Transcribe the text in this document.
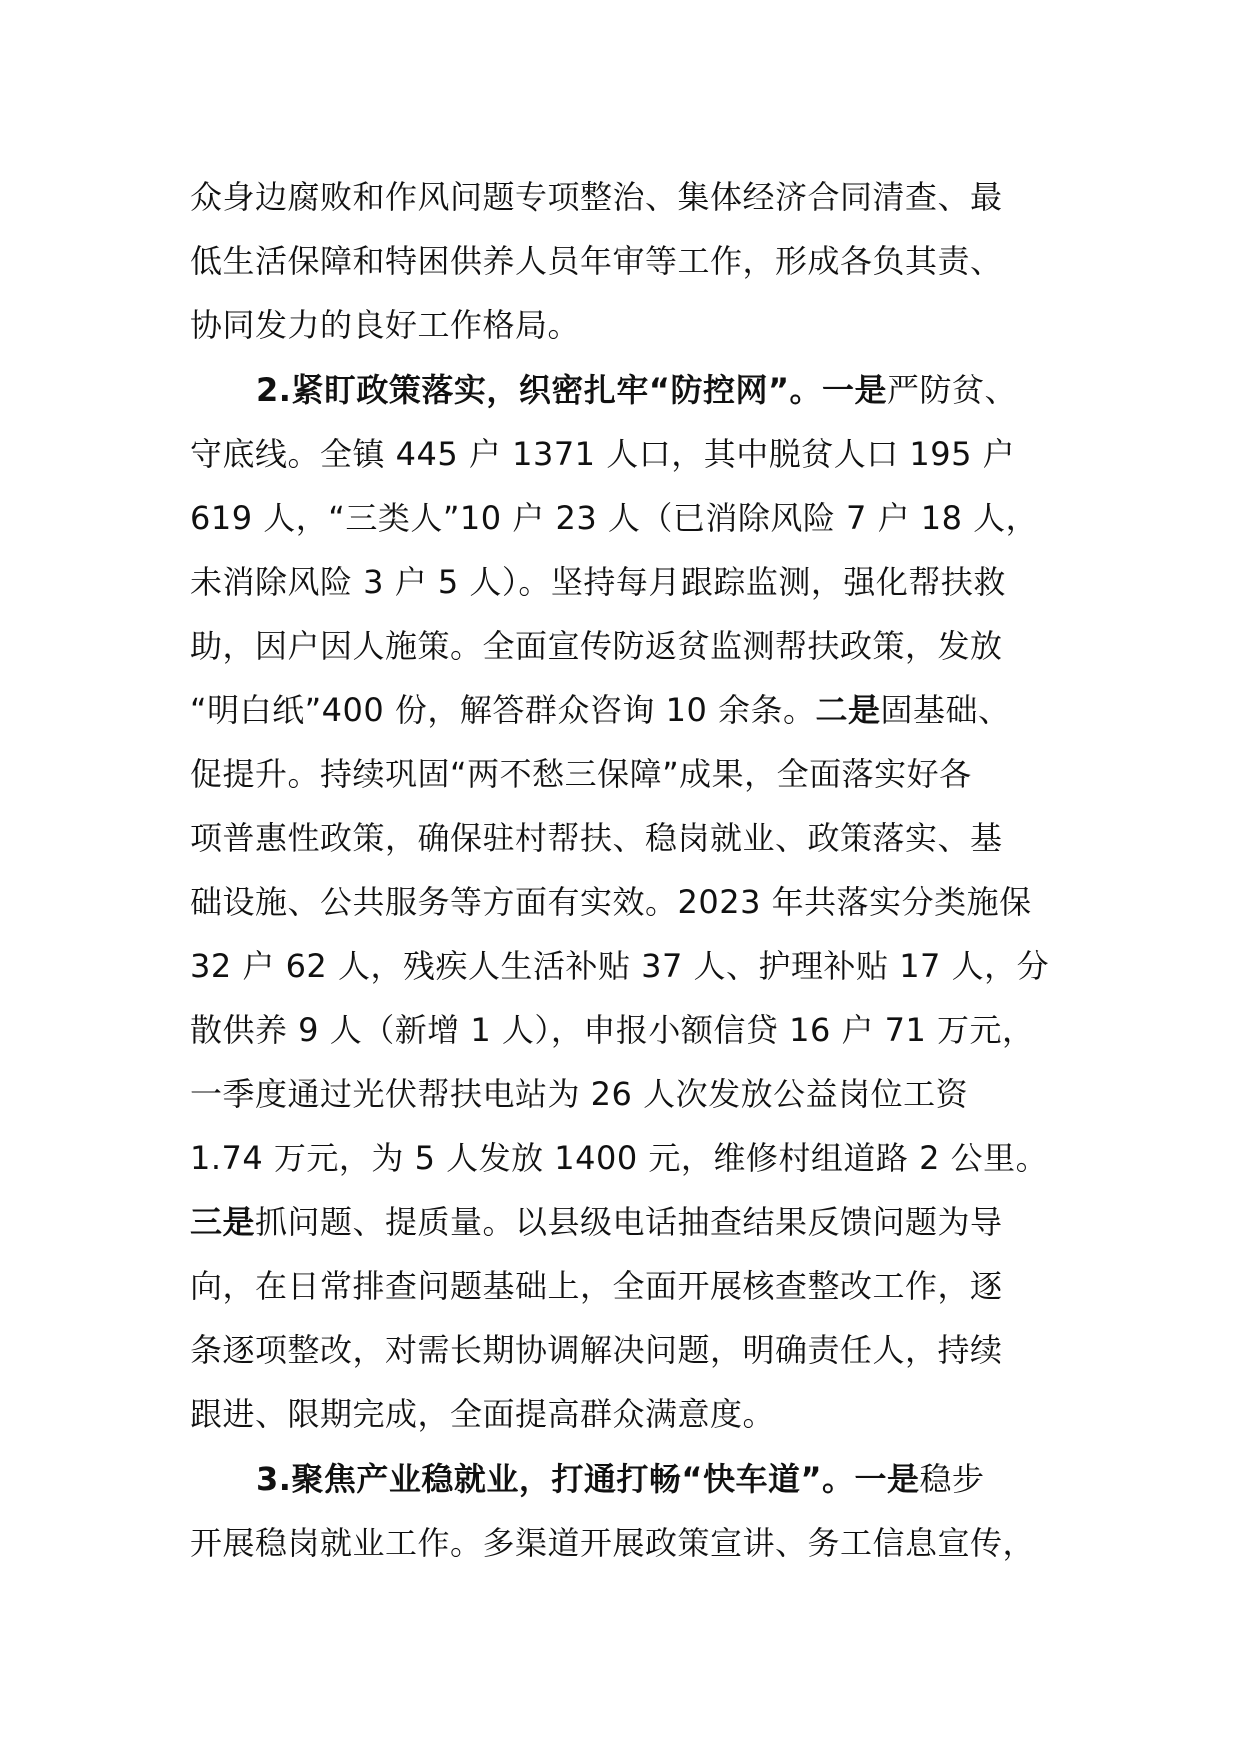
众身边腐败和作风问题专项整治、集体经济合同清查、最
低生活保障和特困供养人员年审等工作，形成各负其责、
协同发力的良好工作格局。
2.紧盯政策落实，织密扎牢“防控网”。一是严防贫、
守底线。全镇 445 户 1371 人口，其中脱贫人口 195 户
619 人，“三类人”10 户 23 人（已消除风险 7 户 18 人，
未消除风险 3 户 5 人）。坚持每月跟踪监测，强化帮扶救
助，因户因人施策。全面宣传防返贫监测帮扶政策，发放
“明白纸”400 份，解答群众咨询 10 余条。二是固基础、
促提升。持续巩固“两不愁三保障”成果，全面落实好各
项普惠性政策，确保驻村帮扶、稳岗就业、政策落实、基
础设施、公共服务等方面有实效。2023 年共落实分类施保
32 户 62 人，残疾人生活补贴 37 人、护理补贴 17 人，分
散供养 9 人（新增 1 人），申报小额信贷 16 户 71 万元，
一季度通过光伏帮扶电站为 26 人次发放公益岗位工资
1.74 万元，为 5 人发放 1400 元，维修村组道路 2 公里。
三是抓问题、提质量。以县级电话抽查结果反馈问题为导
向，在日常排查问题基础上，全面开展核查整改工作，逐
条逐项整改，对需长期协调解决问题，明确责任人，持续
跟进、限期完成，全面提高群众满意度。
3.聚焦产业稳就业，打通打畅“快车道”。一是稳步
开展稳岗就业工作。多渠道开展政策宣讲、务工信息宣传，
